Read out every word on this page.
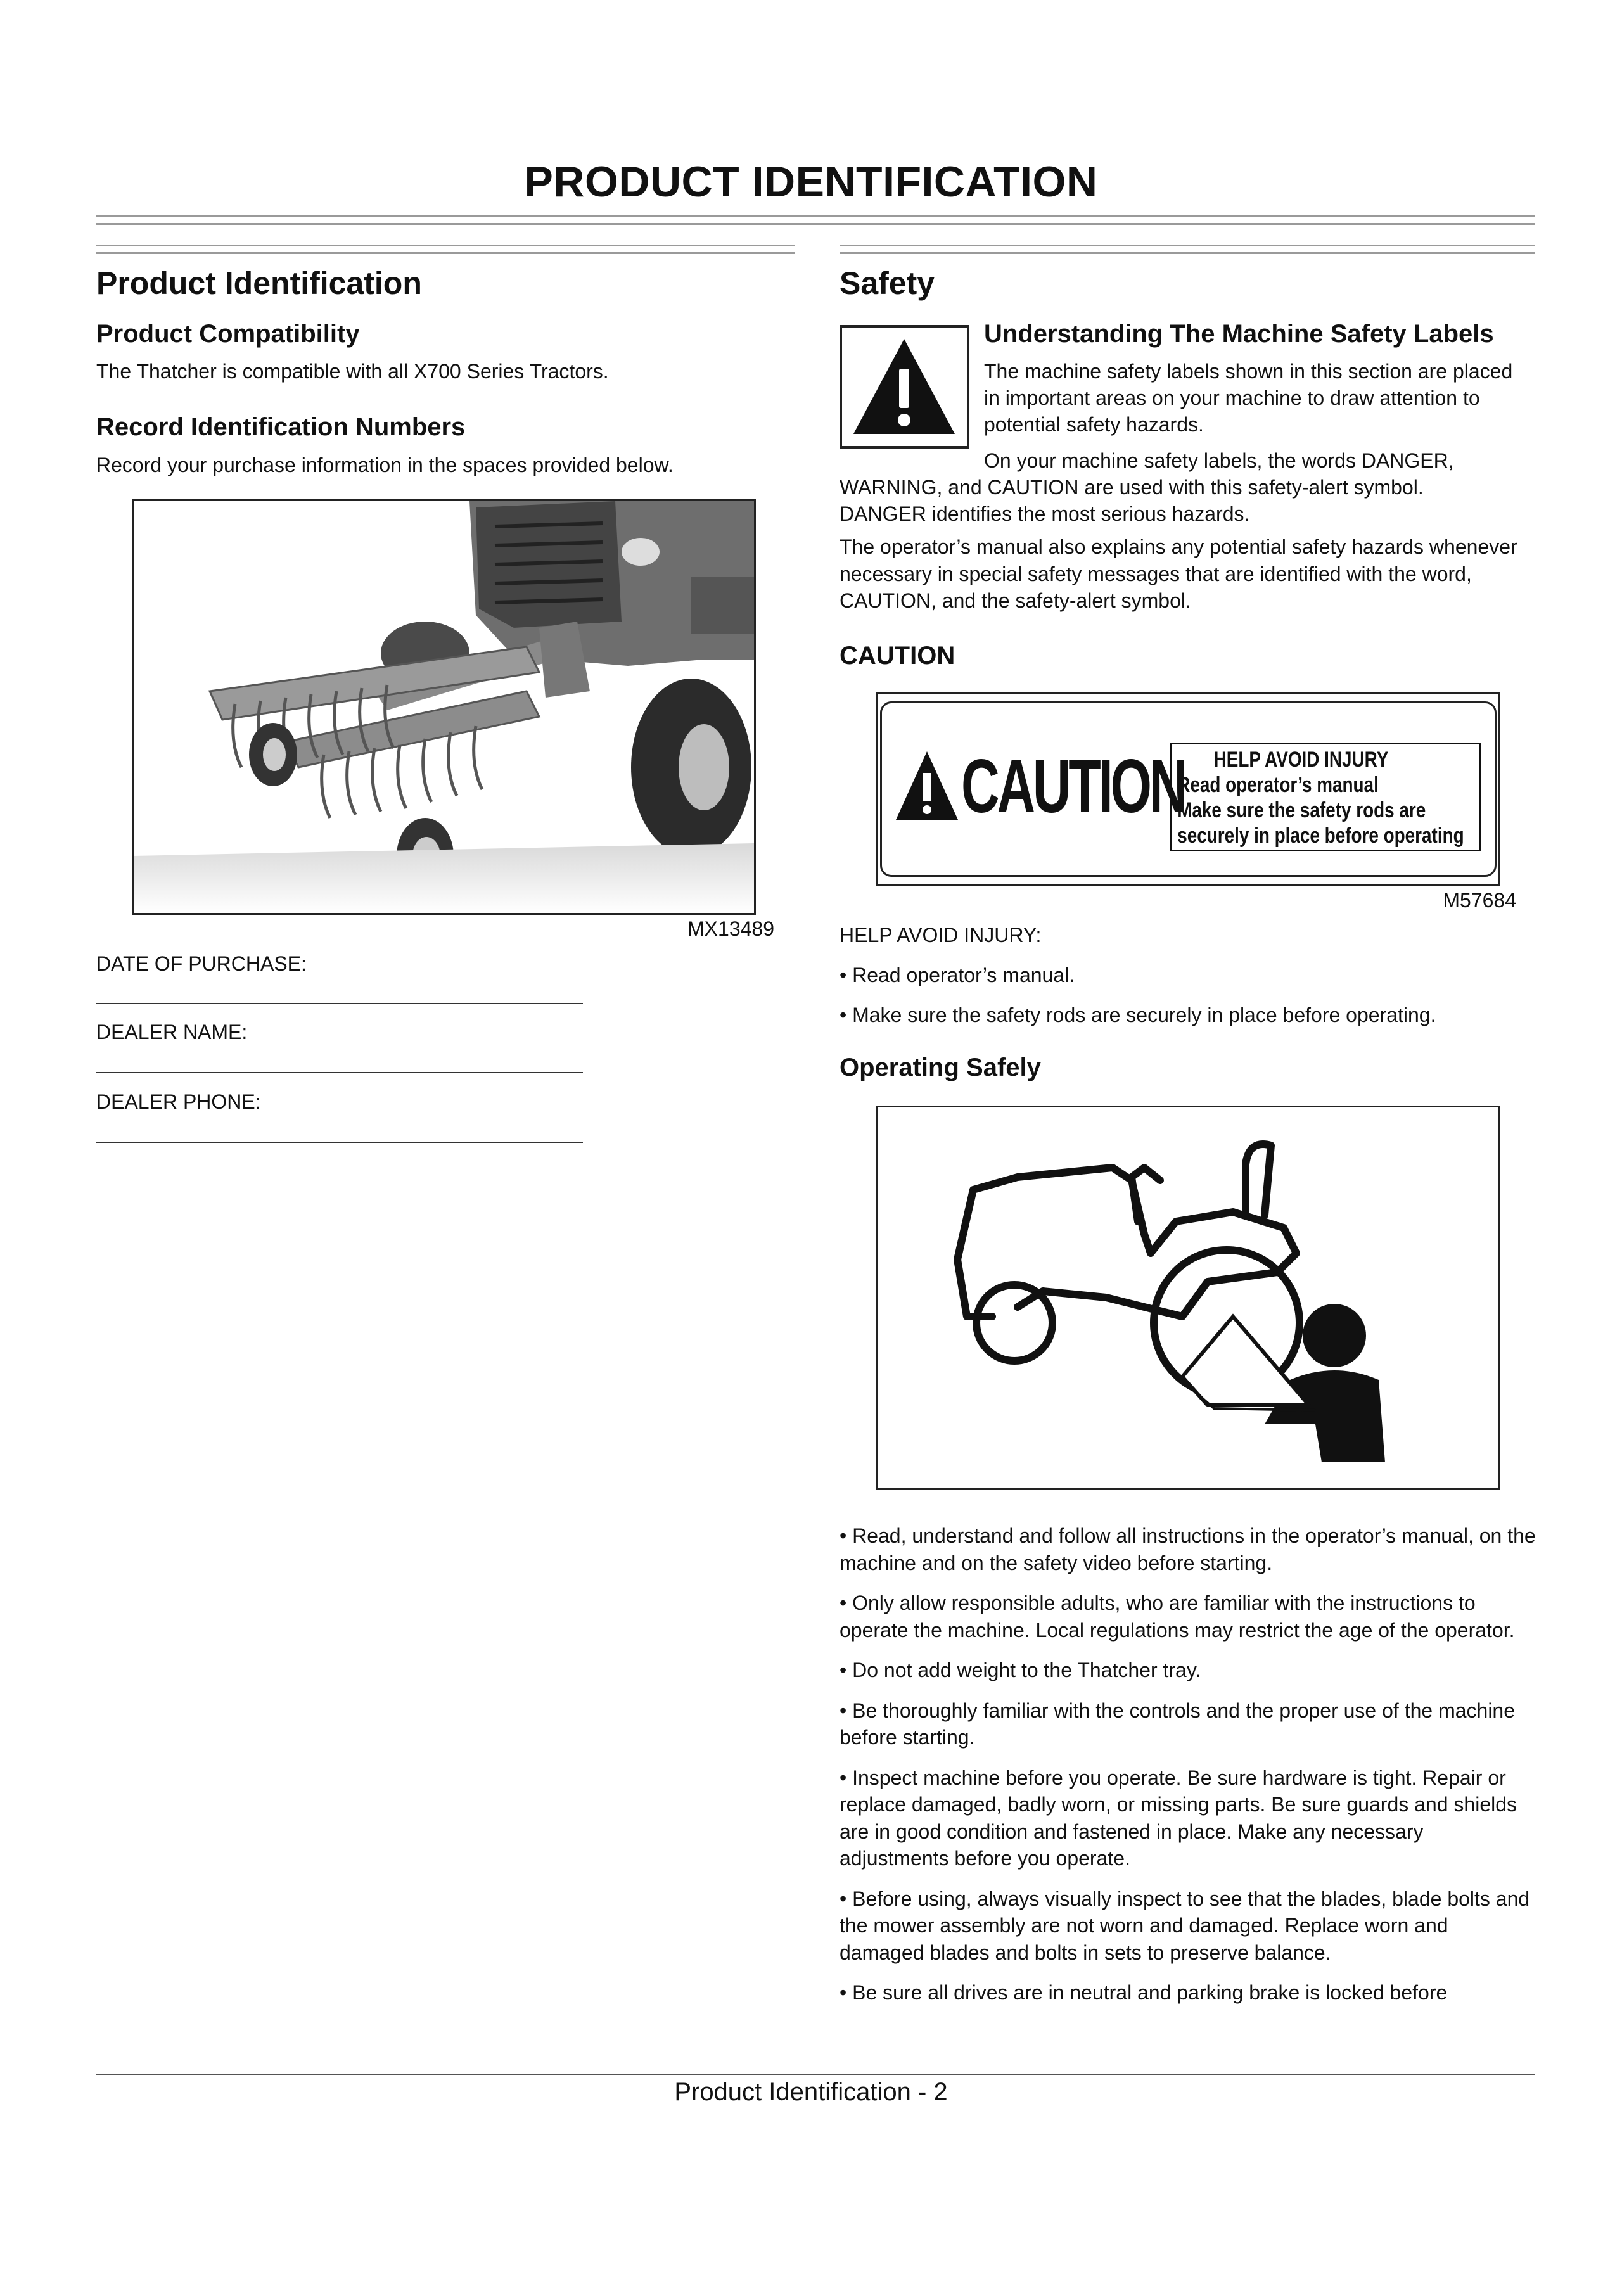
PRODUCT IDENTIFICATION
Product Identification
Product Compatibility
The Thatcher is compatible with all X700 Series Tractors.
Record Identification Numbers
Record your purchase information in the spaces provided below.
MX13489
DATE OF PURCHASE:
DEALER NAME:
DEALER PHONE:
Safety
Understanding The Machine Safety Labels
The machine safety labels shown in this section are placed
in important areas on your machine to draw attention to
potential safety hazards.
On your machine safety labels, the words DANGER,
WARNING, and CAUTION are used with this safety-alert symbol.
DANGER identifies the most serious hazards.
The operator’s manual also explains any potential safety hazards whenever necessary in special safety messages that are identified with the word, CAUTION, and the safety-alert symbol.
CAUTION
CAUTION	HELP AVOID INJURY
Read operator’s manual
Make sure the safety rods are
securely in place before operating
M57684
HELP AVOID INJURY:
• Read operator’s manual.
• Make sure the safety rods are securely in place before operating.
Operating Safely

• Read, understand and follow all instructions in the operator’s manual, on the machine and on the safety video before starting.

• Only allow responsible adults, who are familiar with the instructions to operate the machine. Local regulations may restrict the age of the operator.

• Do not add weight to the Thatcher tray.

• Be thoroughly familiar with the controls and the proper use of the machine before starting.

• Inspect machine before you operate. Be sure hardware is tight. Repair or replace damaged, badly worn, or missing parts. Be sure guards and shields are in good condition and fastened in place. Make any necessary adjustments before you operate.

• Before using, always visually inspect to see that the blades, blade bolts and the mower assembly are not worn and damaged. Replace worn and damaged blades and bolts in sets to preserve balance.

• Be sure all drives are in neutral and parking brake is locked before

Product Identification - 2
